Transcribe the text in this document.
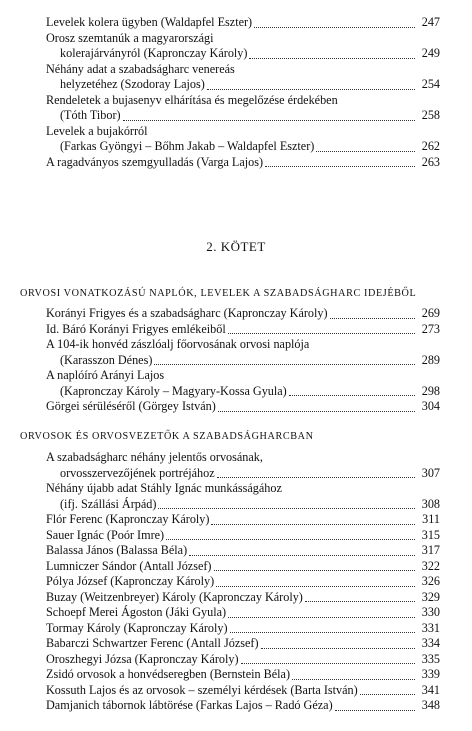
Levelek kolera ügyben (Waldapfel Eszter)	247
Orosz szemtanúk a magyarországi
kolerajárványról (Kapronczay Károly)	249
Néhány adat a szabadságharc venereás
helyzetéhez (Szodoray Lajos)	254
Rendeletek a bujasenyv elhárítása és megelőzése érdekében
(Tóth Tibor)	258
Levelek a bujakórról
(Farkas Gyöngyi – Bőhm Jakab – Waldapfel Eszter)	262
A ragadványos szemgyulladás (Varga Lajos)	263
2. KÖTET
ORVOSI VONATKOZÁSÚ NAPLÓK, LEVELEK A SZABADSÁGHARC IDEJÉBŐL
Korányi Frigyes és a szabadságharc (Kapronczay Károly)	269
Id. Báró Korányi Frigyes emlékeiből	273
A 104-ik honvéd zászlóalj főorvosának orvosi naplója
(Karasszon Dénes)	289
A naplóíró Arányi Lajos
(Kapronczay Károly – Magyary-Kossa Gyula)	298
Görgei sérüléséről (Görgey István)	304
ORVOSOK ÉS ORVOSVEZETŐK A SZABADSÁGHARCBAN
A szabadságharc néhány jelentős orvosának,
orvosszervezőjének portréjához	307
Néhány újabb adat Stáhly Ignác munkásságához
(ifj. Szállási Árpád)	308
Flór Ferenc (Kapronczay Károly)	311
Sauer Ignác (Poór Imre)	315
Balassa János (Balassa Béla)	317
Lumniczer Sándor (Antall József)	322
Pólya József (Kapronczay Károly)	326
Buzay (Weitzenbreyer) Károly (Kapronczay Károly)	329
Schoepf Merei Ágoston (Jáki Gyula)	330
Tormay Károly (Kapronczay Károly)	331
Babarczi Schwartzer Ferenc (Antall József)	334
Oroszhegyi Józsa (Kapronczay Károly)	335
Zsidó orvosok a honvédseregben (Bernstein Béla)	339
Kossuth Lajos és az orvosok – személyi kérdések (Barta István)	341
Damjanich tábornok lábtörése (Farkas Lajos – Radó Géza)	348
